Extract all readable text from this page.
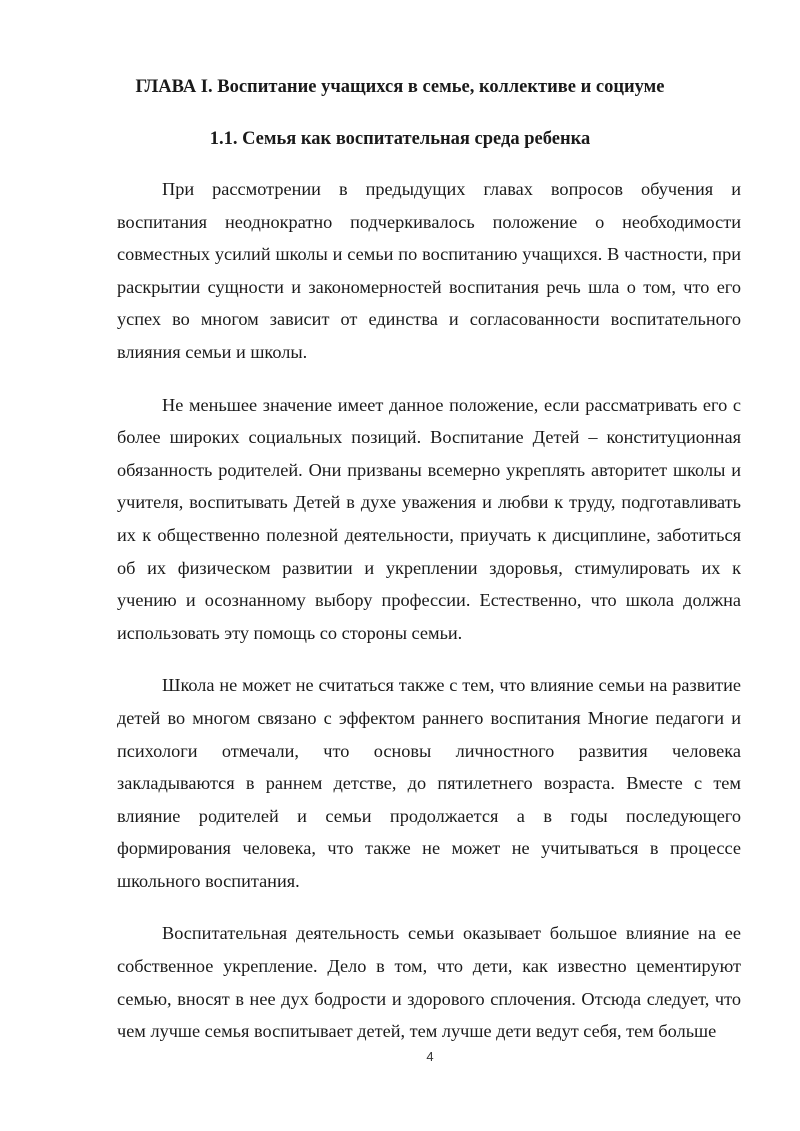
ГЛАВА I. Воспитание учащихся в семье, коллективе и социуме
1.1. Семья как воспитательная среда ребенка

При рассмотрении в предыдущих главах вопросов обучения и воспитания неоднократно подчеркивалось положение о необходимости совместных усилий школы и семьи по воспитанию учащихся. В частности, при раскрытии сущности и закономерностей воспитания речь шла о том, что его успех во многом зависит от единства и согласованности воспитательного влияния семьи и школы.

Не меньшее значение имеет данное положение, если рассматривать его с более широких социальных позиций. Воспитание Детей – конституционная обязанность родителей. Они призваны всемерно укреплять авторитет школы и учителя, воспитывать Детей в духе уважения и любви к труду, подготавливать их к общественно полезной деятельности, приучать к дисциплине, заботиться об их физическом развитии и укреплении здоровья, стимулировать их к учению и осознанному выбору профессии. Естественно, что школа должна использовать эту помощь со стороны семьи.

Школа не может не считаться также с тем, что влияние семьи на развитие детей во многом связано с эффектом раннего воспитания Многие педагоги и психологи отмечали, что основы личностного развития человека закладываются в раннем детстве, до пятилетнего возраста. Вместе с тем влияние родителей и семьи продолжается а в годы последующего формирования человека, что также не может не учитываться в процессе школьного воспитания.

Воспитательная деятельность семьи оказывает большое влияние на ее собственное укрепление. Дело в том, что дети, как известно цементируют семью, вносят в нее дух бодрости и здорового сплочения. Отсюда следует, что чем лучше семья воспитывает детей, тем лучше дети ведут себя, тем больше

4
